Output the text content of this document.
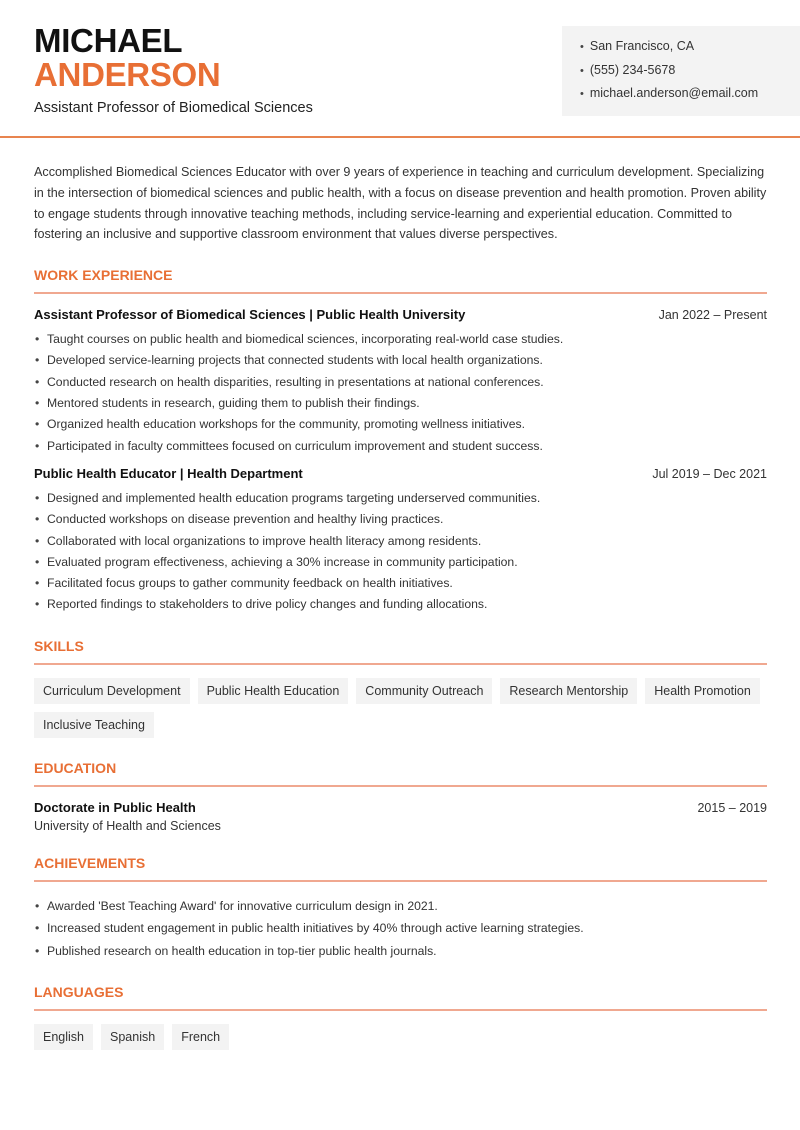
MICHAEL
ANDERSON
Assistant Professor of Biomedical Sciences
• San Francisco, CA
• (555) 234-5678
• michael.anderson@email.com

Accomplished Biomedical Sciences Educator with over 9 years of experience in teaching and curriculum development. Specializing in the intersection of biomedical sciences and public health, with a focus on disease prevention and health promotion. Proven ability to engage students through innovative teaching methods, including service-learning and experiential education. Committed to fostering an inclusive and supportive classroom environment that values diverse perspectives.

WORK EXPERIENCE
Assistant Professor of Biomedical Sciences | Public Health University	Jan 2022 – Present
• Taught courses on public health and biomedical sciences, incorporating real-world case studies.
• Developed service-learning projects that connected students with local health organizations.
• Conducted research on health disparities, resulting in presentations at national conferences.
• Mentored students in research, guiding them to publish their findings.
• Organized health education workshops for the community, promoting wellness initiatives.
• Participated in faculty committees focused on curriculum improvement and student success.
Public Health Educator | Health Department	Jul 2019 – Dec 2021
• Designed and implemented health education programs targeting underserved communities.
• Conducted workshops on disease prevention and healthy living practices.
• Collaborated with local organizations to improve health literacy among residents.
• Evaluated program effectiveness, achieving a 30% increase in community participation.
• Facilitated focus groups to gather community feedback on health initiatives.
• Reported findings to stakeholders to drive policy changes and funding allocations.
SKILLS
Curriculum Development	Public Health Education	Community Outreach	Research Mentorship	Health Promotion
Inclusive Teaching
EDUCATION
Doctorate in Public Health	2015 – 2019
University of Health and Sciences
ACHIEVEMENTS
• Awarded 'Best Teaching Award' for innovative curriculum design in 2021.
• Increased student engagement in public health initiatives by 40% through active learning strategies.
• Published research on health education in top-tier public health journals.
LANGUAGES
English	Spanish	French
